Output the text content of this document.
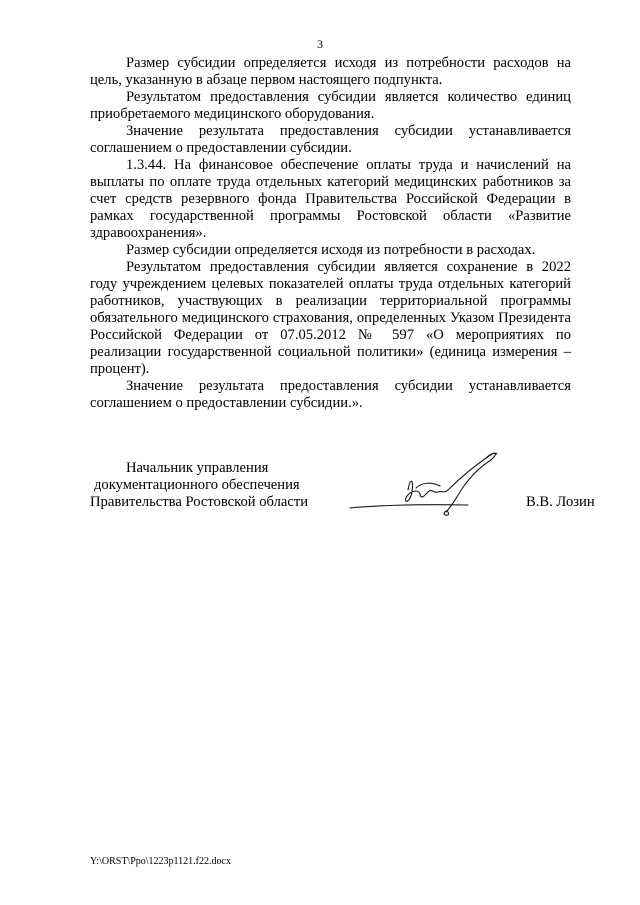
3

Размер субсидии определяется исходя из потребности расходов на цель, указанную в абзаце первом настоящего подпункта.

Результатом предоставления субсидии является количество единиц приобретаемого медицинского оборудования.

Значение результата предоставления субсидии устанавливается соглашением о предоставлении субсидии.

1.3.44. На финансовое обеспечение оплаты труда и начислений на выплаты по оплате труда отдельных категорий медицинских работников за счет средств резервного фонда Правительства Российской Федерации в рамках государственной программы Ростовской области «Развитие здравоохранения».

Размер субсидии определяется исходя из потребности в расходах.

Результатом предоставления субсидии является сохранение в 2022 году учреждением целевых показателей оплаты труда отдельных категорий работников, участвующих в реализации территориальной программы обязательного медицинского страхования, определенных Указом Президента Российской Федерации от 07.05.2012 № 597 «О мероприятиях по реализации государственной социальной политики» (единица измерения – процент).

Значение результата предоставления субсидии устанавливается соглашением о предоставлении субсидии.».

Начальник управления
документационного обеспечения
Правительства Ростовской области	В.В. Лозин
Y:\ORST\Ppo\1223p1121.f22.docx
